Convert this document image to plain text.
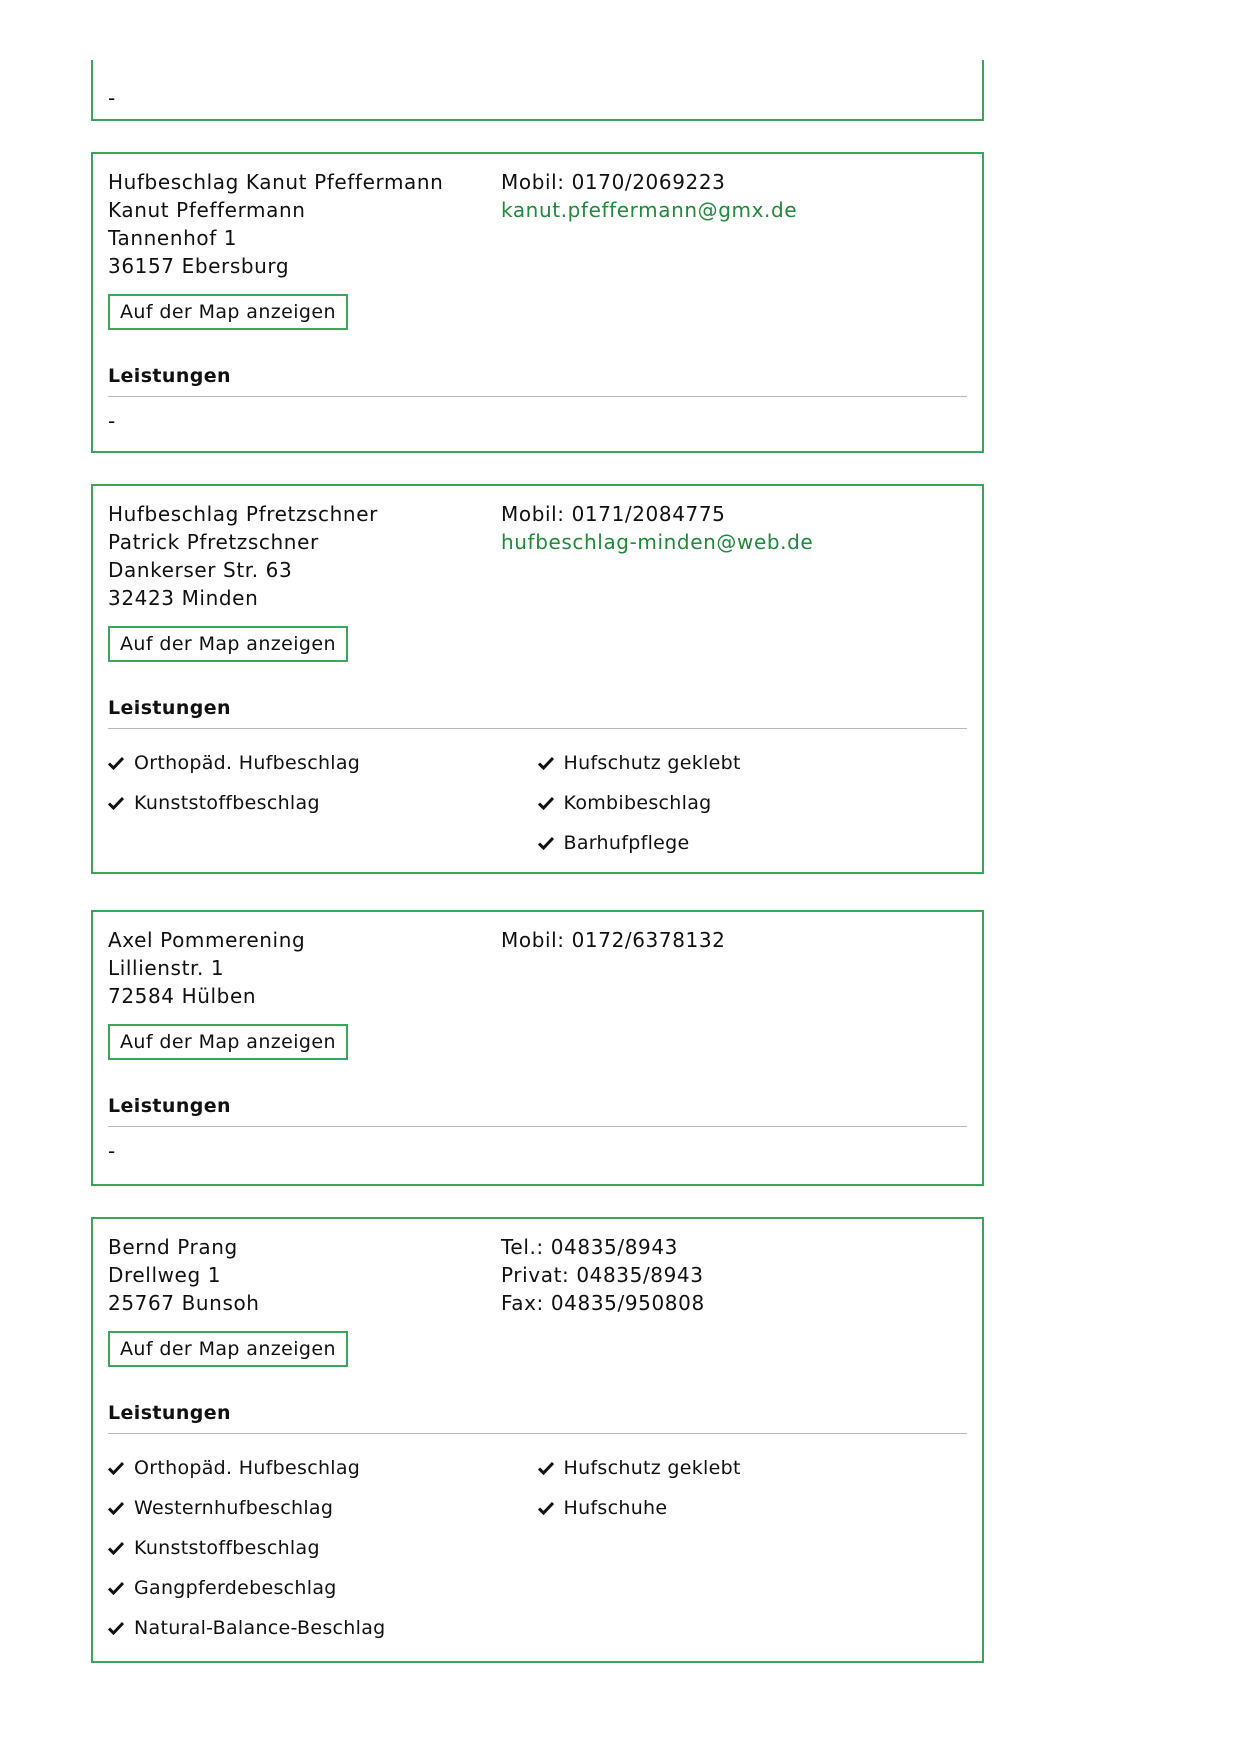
-
Hufbeschlag Kanut Pfeffermann
Kanut Pfeffermann
Tannenhof 1
36157 Ebersburg
Mobil: 0170/2069223
kanut.pfeffermann@gmx.de
Auf der Map anzeigen
Leistungen
-
Hufbeschlag Pfretzschner
Patrick Pfretzschner
Dankerser Str. 63
32423 Minden
Mobil: 0171/2084775
hufbeschlag-minden@web.de
Auf der Map anzeigen
Leistungen
Orthopäd. Hufbeschlag
Kunststoffbeschlag
Hufschutz geklebt
Kombibeschlag
Barhufpflege
Axel Pommerening
Lillienstr. 1
72584 Hülben
Mobil: 0172/6378132
Auf der Map anzeigen
Leistungen
-
Bernd Prang
Drellweg 1
25767 Bunsoh
Tel.: 04835/8943
Privat: 04835/8943
Fax: 04835/950808
Auf der Map anzeigen
Leistungen
Orthopäd. Hufbeschlag
Westernhufbeschlag
Kunststoffbeschlag
Gangpferdebeschlag
Natural-Balance-Beschlag
Hufschutz geklebt
Hufschuhe
